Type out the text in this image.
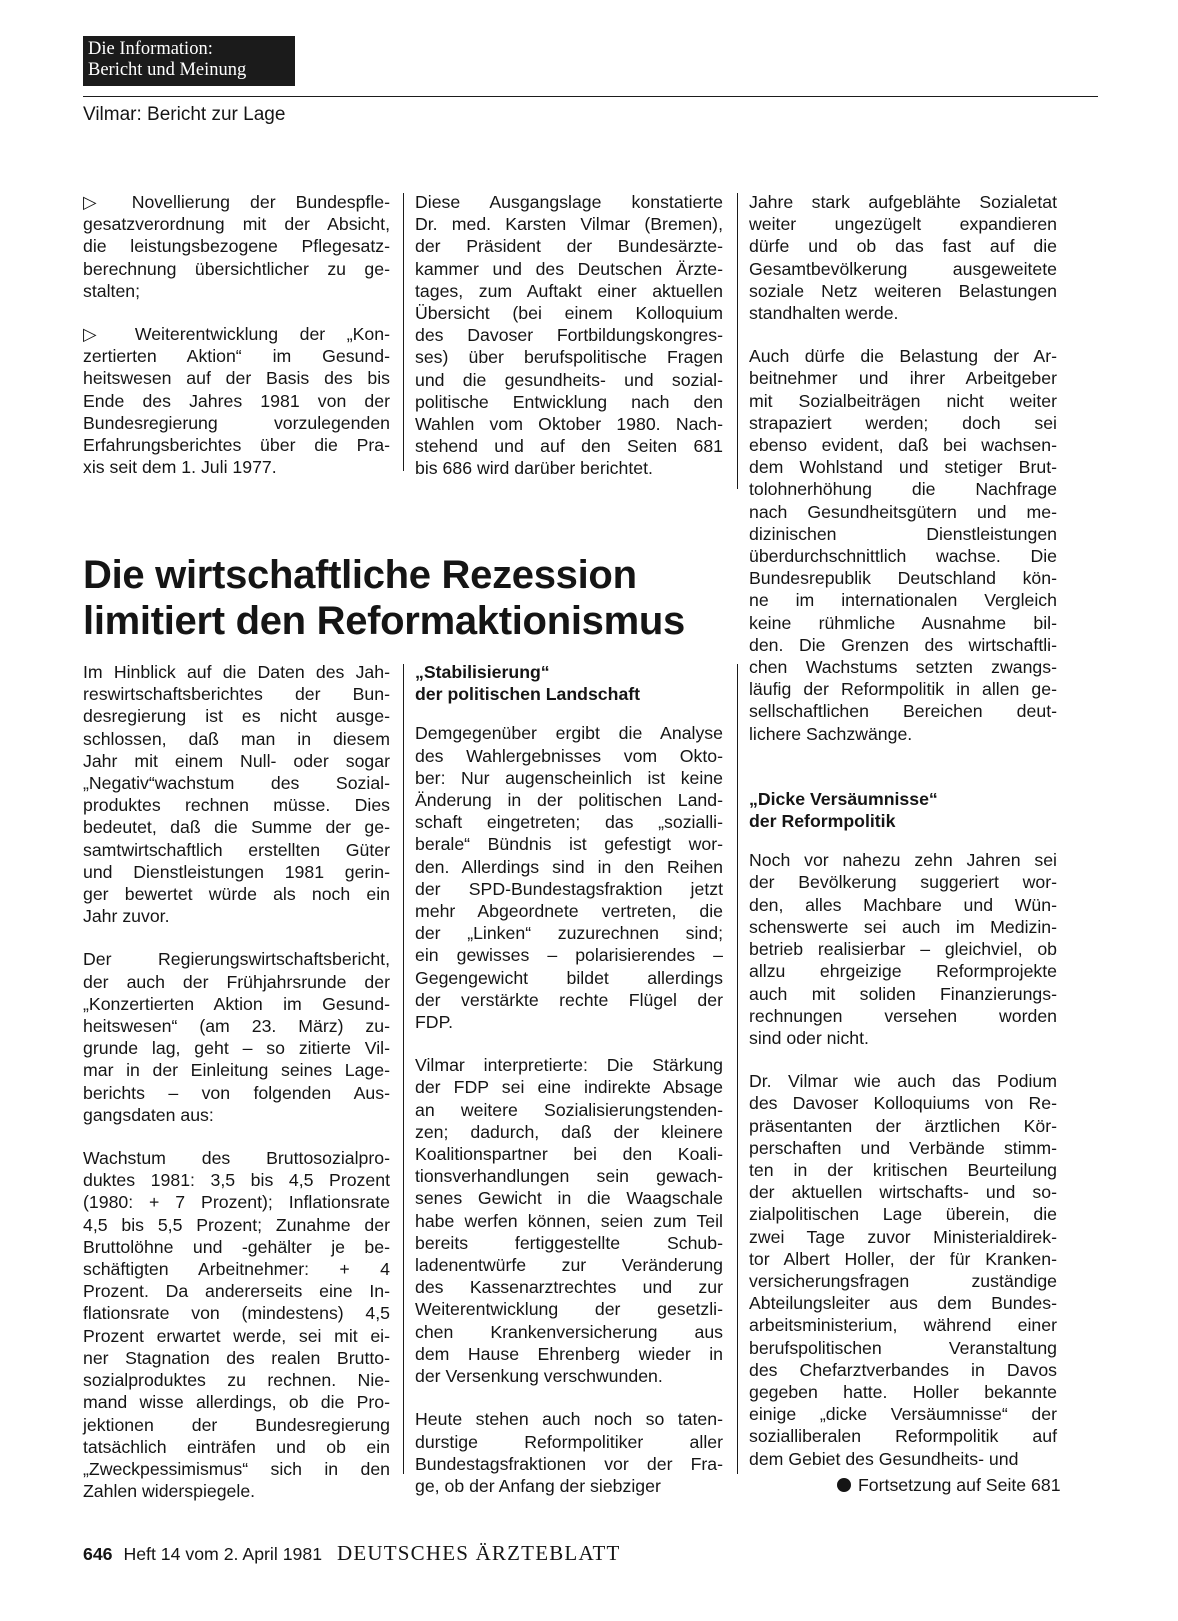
Die Information:
Bericht und Meinung
Vilmar: Bericht zur Lage

▷ Novellierung der Bundespfle-
gesatzverordnung mit der Absicht,
die leistungsbezogene Pflegesatz-
berechnung übersichtlicher zu ge-
stalten;

▷ Weiterentwicklung der „Kon-
zertierten Aktion“ im Gesund-
heitswesen auf der Basis des bis
Ende des Jahres 1981 von der
Bundesregierung vorzulegenden
Erfahrungsberichtes über die Pra-
xis seit dem 1. Juli 1977.

Diese Ausgangslage konstatierte
Dr. med. Karsten Vilmar (Bremen),
der Präsident der Bundesärzte-
kammer und des Deutschen Ärzte-
tages, zum Auftakt einer aktuellen
Übersicht (bei einem Kolloquium
des Davoser Fortbildungskongres-
ses) über berufspolitische Fragen
und die gesundheits- und sozial-
politische Entwicklung nach den
Wahlen vom Oktober 1980. Nach-
stehend und auf den Seiten 681
bis 686 wird darüber berichtet.

Die wirtschaftliche Rezession
limitiert den Reformaktionismus

Im Hinblick auf die Daten des Jah-
reswirtschaftsberichtes der Bun-
desregierung ist es nicht ausge-
schlossen, daß man in diesem
Jahr mit einem Null- oder sogar
„Negativ“wachstum des Sozial-
produktes rechnen müsse. Dies
bedeutet, daß die Summe der ge-
samtwirtschaftlich erstellten Güter
und Dienstleistungen 1981 gerin-
ger bewertet würde als noch ein
Jahr zuvor.

Der Regierungswirtschaftsbericht,
der auch der Frühjahrsrunde der
„Konzertierten Aktion im Gesund-
heitswesen“ (am 23. März) zu-
grunde lag, geht – so zitierte Vil-
mar in der Einleitung seines Lage-
berichts – von folgenden Aus-
gangsdaten aus:

Wachstum des Bruttosozialpro-
duktes 1981: 3,5 bis 4,5 Prozent
(1980: + 7 Prozent); Inflationsrate
4,5 bis 5,5 Prozent; Zunahme der
Bruttolöhne und -gehälter je be-
schäftigten Arbeitnehmer: + 4
Prozent. Da andererseits eine In-
flationsrate von (mindestens) 4,5
Prozent erwartet werde, sei mit ei-
ner Stagnation des realen Brutto-
sozialproduktes zu rechnen. Nie-
mand wisse allerdings, ob die Pro-
jektionen der Bundesregierung
tatsächlich einträfen und ob ein
„Zweckpessimismus“ sich in den
Zahlen widerspiegele.

„Stabilisierung“
der politischen Landschaft

Demgegenüber ergibt die Analyse
des Wahlergebnisses vom Okto-
ber: Nur augenscheinlich ist keine
Änderung in der politischen Land-
schaft eingetreten; das „sozialli-
berale“ Bündnis ist gefestigt wor-
den. Allerdings sind in den Reihen
der SPD-Bundestagsfraktion jetzt
mehr Abgeordnete vertreten, die
der „Linken“ zuzurechnen sind;
ein gewisses – polarisierendes –
Gegengewicht bildet allerdings
der verstärkte rechte Flügel der
FDP.

Vilmar interpretierte: Die Stärkung
der FDP sei eine indirekte Absage
an weitere Sozialisierungstenden-
zen; dadurch, daß der kleinere
Koalitionspartner bei den Koali-
tionsverhandlungen sein gewach-
senes Gewicht in die Waagschale
habe werfen können, seien zum Teil
bereits fertiggestellte Schub-
ladenentwürfe zur Veränderung
des Kassenarztrechtes und zur
Weiterentwicklung der gesetzli-
chen Krankenversicherung aus
dem Hause Ehrenberg wieder in
der Versenkung verschwunden.

Heute stehen auch noch so taten-
durstige Reformpolitiker aller
Bundestagsfraktionen vor der Fra-
ge, ob der Anfang der siebziger

Jahre stark aufgeblähte Sozialetat
weiter ungezügelt expandieren
dürfe und ob das fast auf die
Gesamtbevölkerung ausgeweitete
soziale Netz weiteren Belastungen
standhalten werde.

Auch dürfe die Belastung der Ar-
beitnehmer und ihrer Arbeitgeber
mit Sozialbeiträgen nicht weiter
strapaziert werden; doch sei
ebenso evident, daß bei wachsen-
dem Wohlstand und stetiger Brut-
tolohnerhöhung die Nachfrage
nach Gesundheitsgütern und me-
dizinischen Dienstleistungen
überdurchschnittlich wachse. Die
Bundesrepublik Deutschland kön-
ne im internationalen Vergleich
keine rühmliche Ausnahme bil-
den. Die Grenzen des wirtschaftli-
chen Wachstums setzten zwangs-
läufig der Reformpolitik in allen ge-
sellschaftlichen Bereichen deut-
lichere Sachzwänge.

„Dicke Versäumnisse“
der Reformpolitik

Noch vor nahezu zehn Jahren sei
der Bevölkerung suggeriert wor-
den, alles Machbare und Wün-
schenswerte sei auch im Medizin-
betrieb realisierbar – gleichviel, ob
allzu ehrgeizige Reformprojekte
auch mit soliden Finanzierungs-
rechnungen versehen worden
sind oder nicht.

Dr. Vilmar wie auch das Podium
des Davoser Kolloquiums von Re-
präsentanten der ärztlichen Kör-
perschaften und Verbände stimm-
ten in der kritischen Beurteilung
der aktuellen wirtschafts- und so-
zialpolitischen Lage überein, die
zwei Tage zuvor Ministerialdirek-
tor Albert Holler, der für Kranken-
versicherungsfragen zuständige
Abteilungsleiter aus dem Bundes-
arbeitsministerium, während einer
berufspolitischen Veranstaltung
des Chefarztverbandes in Davos
gegeben hatte. Holler bekannte
einige „dicke Versäumnisse“ der
sozialliberalen Reformpolitik auf
dem Gebiet des Gesundheits- und

Fortsetzung auf Seite 681
646 Heft 14 vom 2. April 1981 DEUTSCHES ÄRZTEBLATT
